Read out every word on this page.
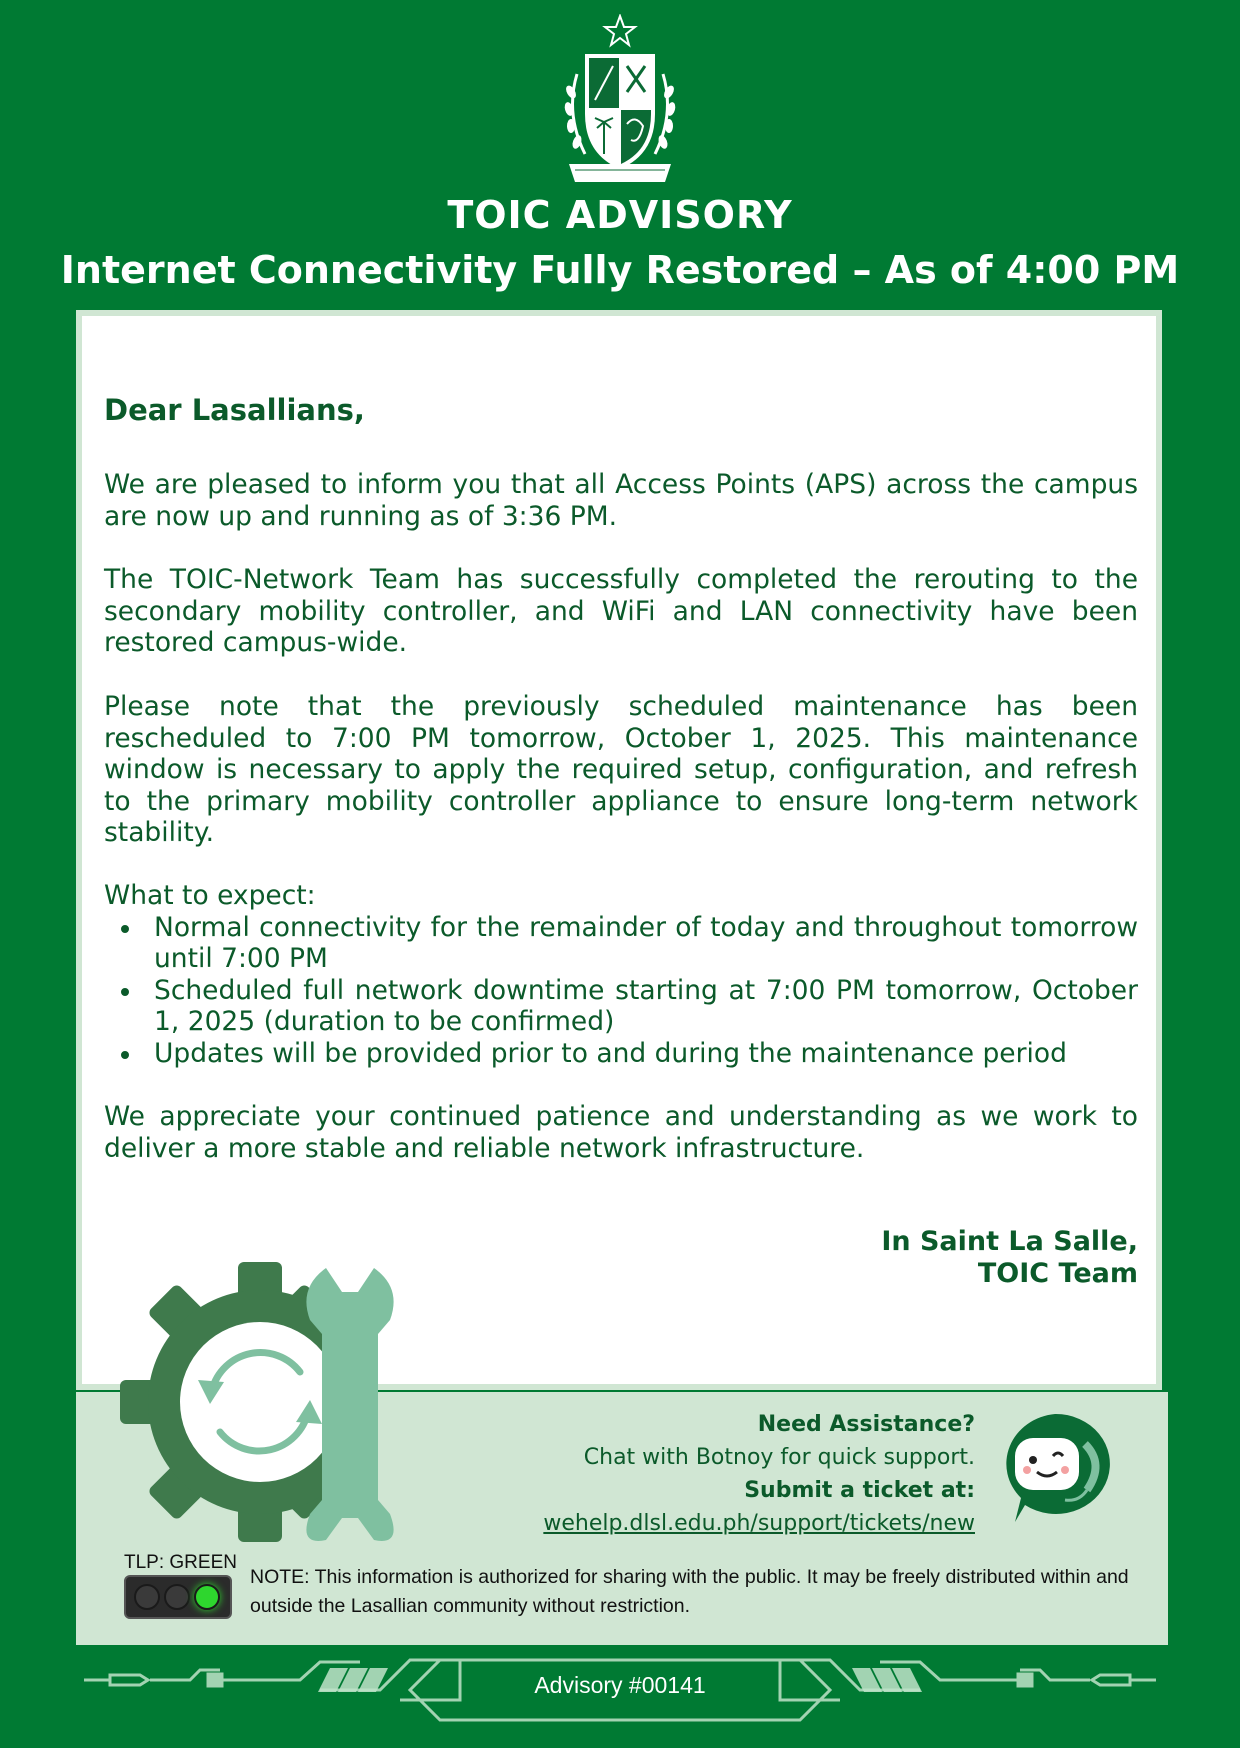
TOIC ADVISORY
Internet Connectivity Fully Restored – As of 4:00 PM

Dear Lasallians,

We are pleased to inform you that all Access Points (APS) across the campus are now up and running as of 3:36 PM.

The TOIC-Network Team has successfully completed the rerouting to the secondary mobility controller, and WiFi and LAN connectivity have been restored campus-wide.

Please note that the previously scheduled maintenance has been rescheduled to 7:00 PM tomorrow, October 1, 2025. This maintenance window is necessary to apply the required setup, configuration, and refresh to the primary mobility controller appliance to ensure long-term network stability.

What to expect:

Normal connectivity for the remainder of today and throughout tomorrow until 7:00 PM
Scheduled full network downtime starting at 7:00 PM tomorrow, October 1, 2025 (duration to be confirmed)
Updates will be provided prior to and during the maintenance period

We appreciate your continued patience and understanding as we work to deliver a more stable and reliable network infrastructure.

In Saint La Salle,
TOIC Team
Need Assistance?
Chat with Botnoy for quick support.
Submit a ticket at:
wehelp.dlsl.edu.ph/support/tickets/new
TLP: GREEN

NOTE: This information is authorized for sharing with the public. It may be freely distributed within and outside the Lasallian community without restriction.

Advisory #00141
